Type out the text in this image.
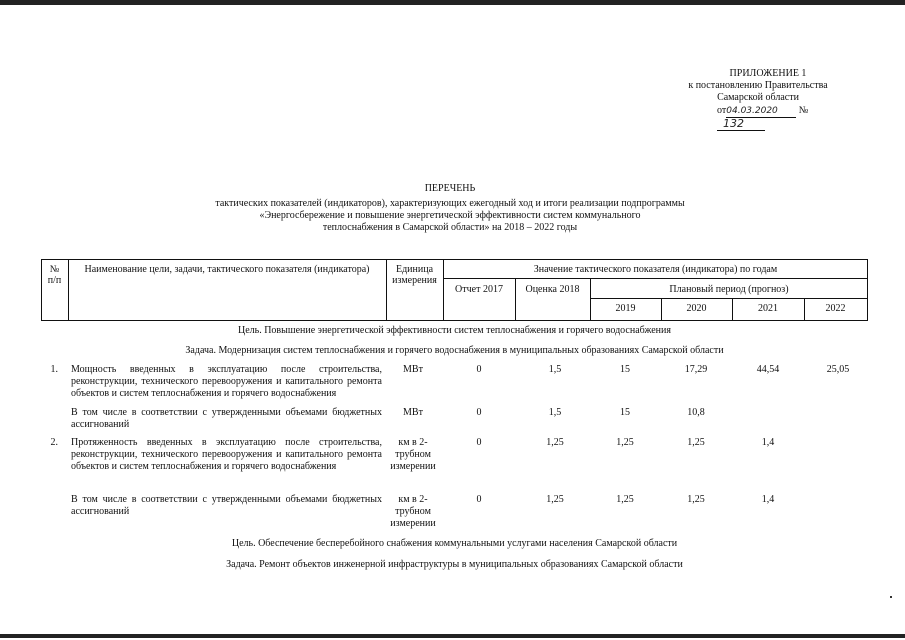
ПРИЛОЖЕНИЕ 1
к постановлению Правительства
Самарской области
от04.03.2020 №132
ПЕРЕЧЕНЬ
тактических показателей (индикаторов), характеризующих ежегодный ход и итоги реализации подпрограммы
«Энергосбережение и повышение энергетической эффективности систем коммунального
теплоснабжения в Самарской области» на 2018 – 2022 годы
№
п/п
Наименование цели, задачи, тактического показателя (индикатора)	Единица
измерения
Значение тактического показателя (индикатора) по годам
Отчет 2017	Оценка 2018	Плановый период (прогноз)
2019	2020	2021	2022
Цель. Повышение энергетической эффективности систем теплоснабжения и горячего водоснабжения
Задача. Модернизация систем теплоснабжения и горячего водоснабжения в муниципальных образованиях Самарской области
1. Мощность введенных в эксплуатацию после строительства, реконструкции, технического перевооружения и капитального ремонта объектов и систем теплоснабжения и горячего водоснабжения
МВт	0	1,5	15	17,29	44,54	25,05
В том числе в соответствии с утвержденными объемами бюджетных ассигнований
МВт	0	1,5	15	10,8
2. Протяженность введенных в эксплуатацию после строительства, реконструкции, технического перевооружения и капитального ремонта объектов и систем теплоснабжения и горячего водоснабжения
км в 2-трубном измерении
0	1,25	1,25	1,25	1,4
В том числе в соответствии с утвержденными объемами бюджетных ассигнований
км в 2-трубном измерении
0	1,25	1,25	1,25	1,4
Цель. Обеспечение бесперебойного снабжения коммунальными услугами населения Самарской области
Задача. Ремонт объектов инженерной инфраструктуры в муниципальных образованиях Самарской области
